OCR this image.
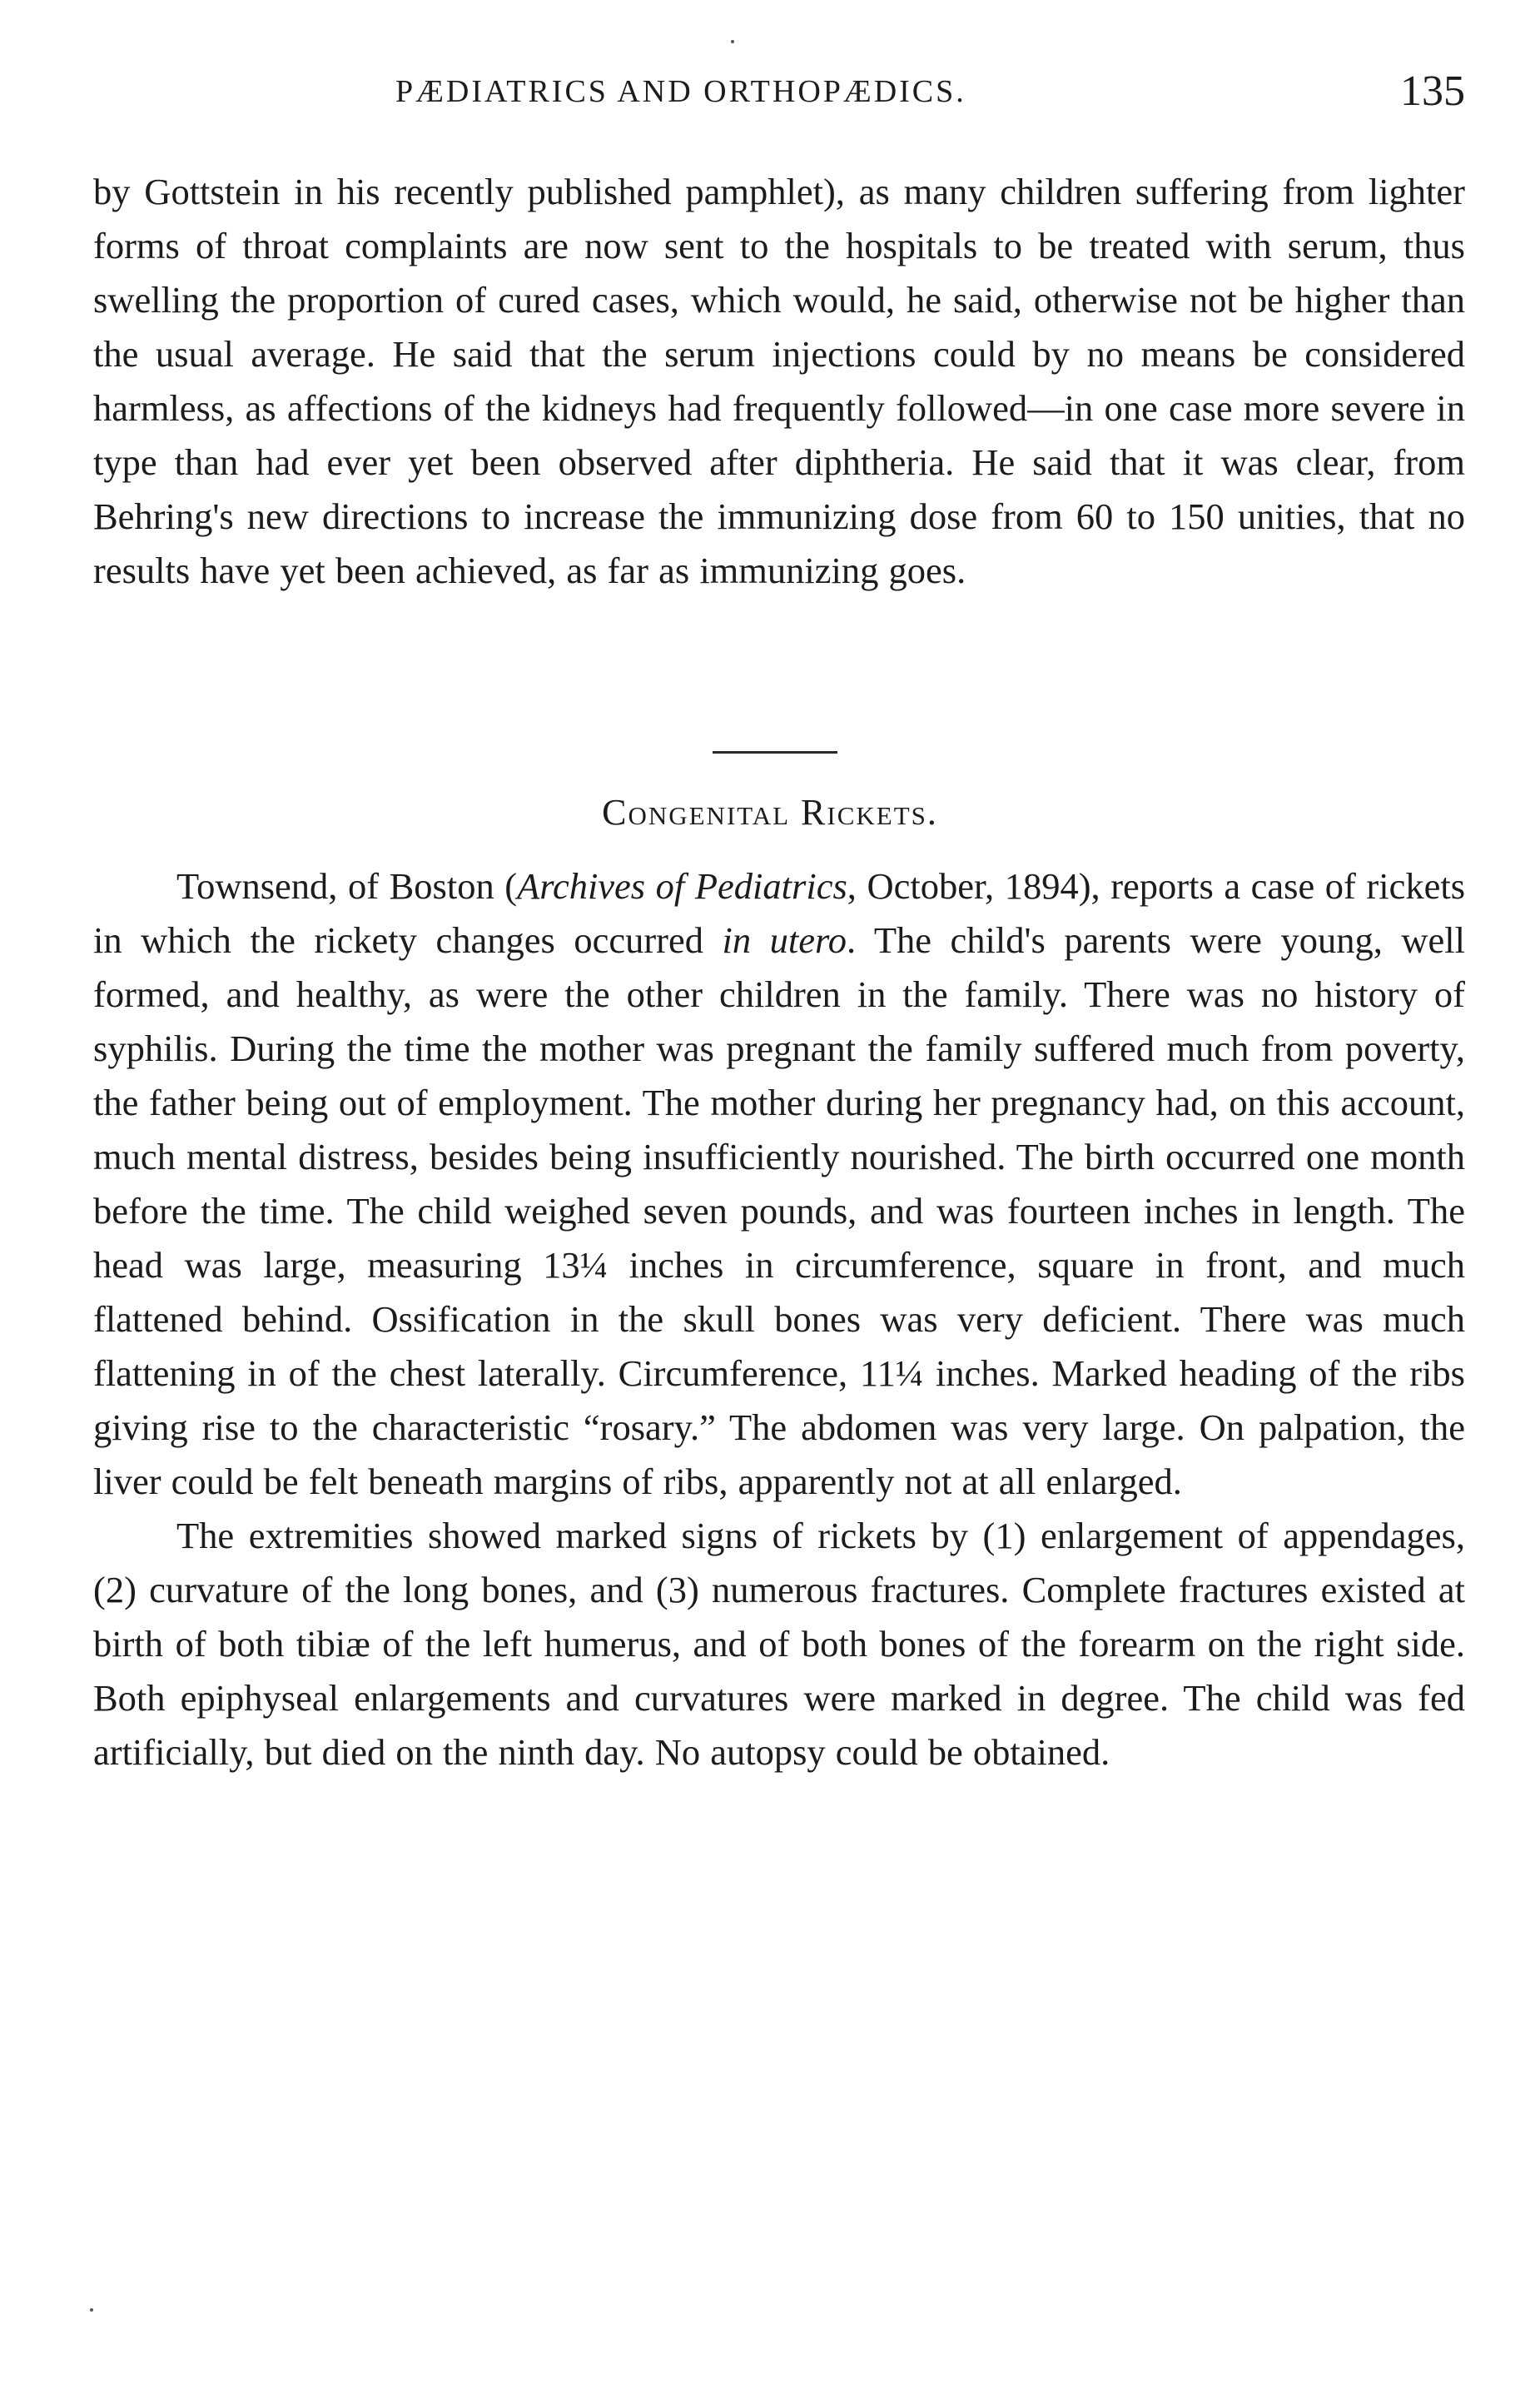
PÆDIATRICS AND ORTHOPÆDICS.	135

by Gottstein in his recently published pamphlet), as many children suffering from lighter forms of throat complaints are now sent to the hospitals to be treated with serum, thus swelling the proportion of cured cases, which would, he said, otherwise not be higher than the usual average. He said that the serum injections could by no means be considered harmless, as affections of the kidneys had frequently followed—in one case more severe in type than had ever yet been observed after diphtheria. He said that it was clear, from Behring's new directions to increase the immunizing dose from 60 to 150 unities, that no results have yet been achieved, as far as immunizing goes.

Congenital Rickets.

Townsend, of Boston (Archives of Pediatrics, October, 1894), reports a case of rickets in which the rickety changes occurred in utero. The child's parents were young, well formed, and healthy, as were the other children in the family. There was no history of syphilis. During the time the mother was pregnant the family suffered much from poverty, the father being out of employment. The mother during her pregnancy had, on this account, much mental distress, besides being insufficiently nourished. The birth occurred one month before the time. The child weighed seven pounds, and was fourteen inches in length. The head was large, measuring 13¼ inches in circumference, square in front, and much flattened behind. Ossification in the skull bones was very deficient. There was much flattening in of the chest laterally. Circumference, 11¼ inches. Marked heading of the ribs giving rise to the characteristic “rosary.” The abdomen was very large. On palpation, the liver could be felt beneath margins of ribs, apparently not at all enlarged.

The extremities showed marked signs of rickets by (1) enlargement of appendages, (2) curvature of the long bones, and (3) numerous fractures. Complete fractures existed at birth of both tibiæ of the left humerus, and of both bones of the forearm on the right side. Both epiphyseal enlargements and curvatures were marked in degree. The child was fed artificially, but died on the ninth day. No autopsy could be obtained.
